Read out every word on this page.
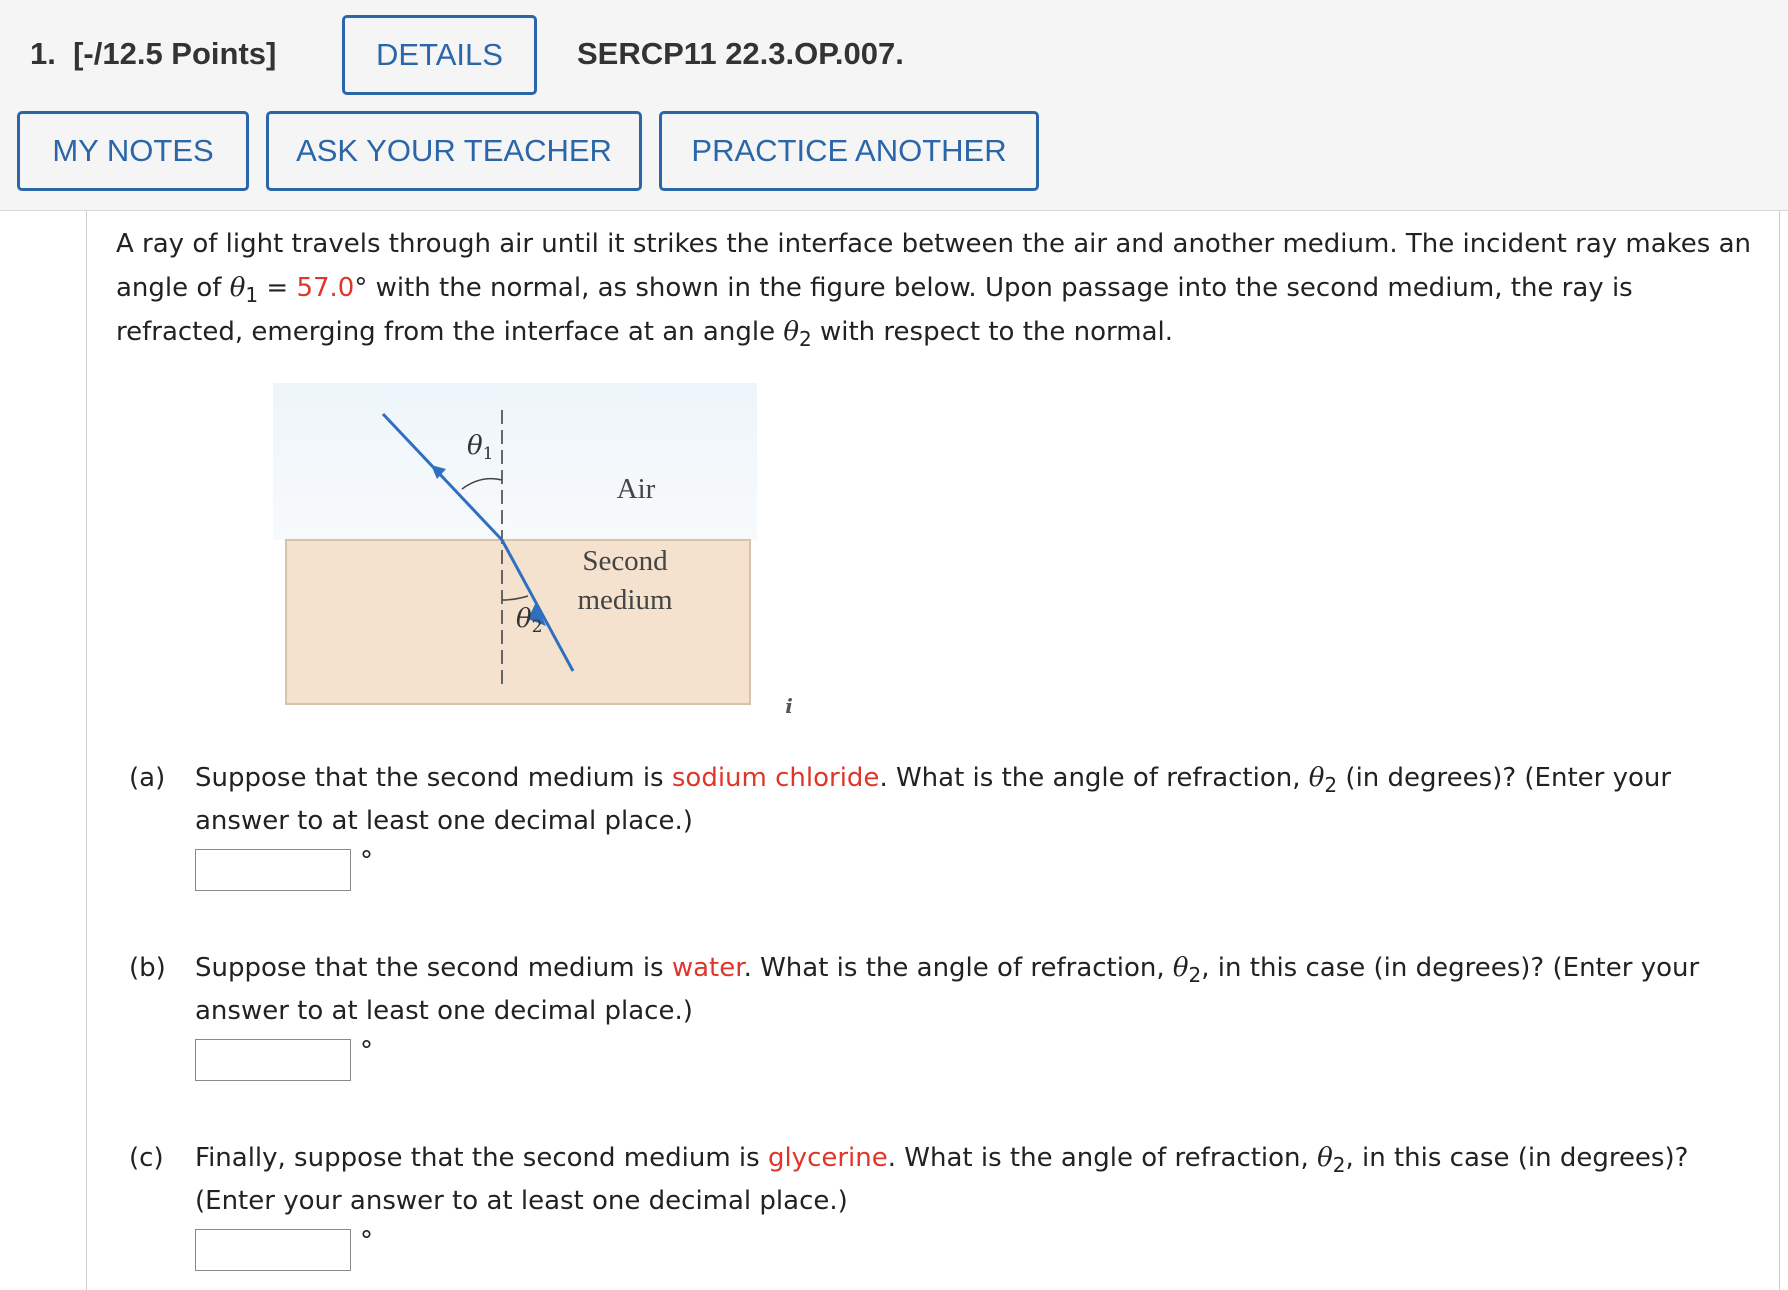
1. [-/12.5 Points]	DETAILS	SERCP11 22.3.OP.007.
MY NOTES	ASK YOUR TEACHER	PRACTICE ANOTHER
A ray of light travels through air until it strikes the interface between the air and another medium. The incident ray makes an angle of $\theta_1 = 57.0^\circ$ with the normal, as shown in the figure below. Upon passage into the second medium, the ray is refracted, emerging from the interface at an angle $\theta_2$ with respect to the normal.
θ1
θ2
Air
Second
medium
i
(a) Suppose that the second medium is sodium chloride. What is the angle of refraction, $\theta_2$ (in degrees)? (Enter your answer to at least one decimal place.)
°
(b) Suppose that the second medium is water. What is the angle of refraction, $\theta_2$, in this case (in degrees)? (Enter your answer to at least one decimal place.)
°
(c) Finally, suppose that the second medium is glycerine. What is the angle of refraction, $\theta_2$, in this case (in degrees)? (Enter your answer to at least one decimal place.)
°
